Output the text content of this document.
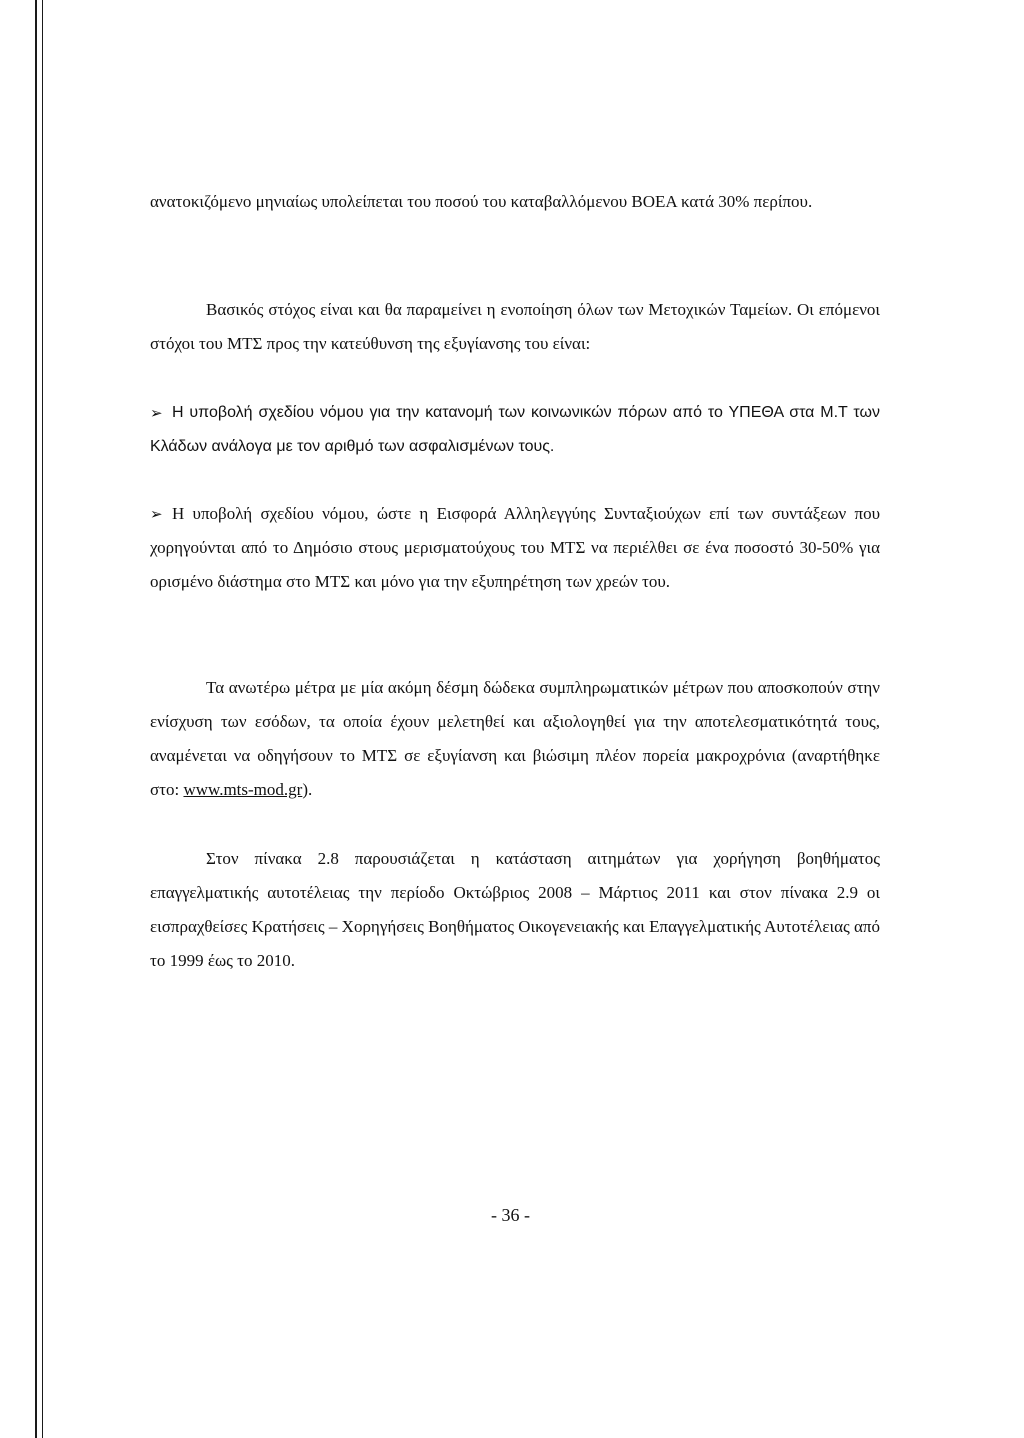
ανατοκιζόμενο μηνιαίως υπολείπεται του ποσού του καταβαλλόμενου ΒΟΕΑ κατά 30% περίπου.

Βασικός στόχος είναι και θα παραμείνει η ενοποίηση όλων των Μετοχικών Ταμείων. Οι επόμενοι στόχοι του ΜΤΣ προς την κατεύθυνση της εξυγίανσης του είναι:

➢ Η υποβολή σχεδίου νόμου για την κατανομή των κοινωνικών πόρων από το ΥΠΕΘΑ στα Μ.Τ των Κλάδων ανάλογα με τον αριθμό των ασφαλισμένων τους.

➢ Η υποβολή σχεδίου νόμου, ώστε η Εισφορά Αλληλεγγύης Συνταξιούχων επί των συντάξεων που χορηγούνται από το Δημόσιο στους μερισματούχους του ΜΤΣ να περιέλθει σε ένα ποσοστό 30-50% για ορισμένο διάστημα στο ΜΤΣ και μόνο για την εξυπηρέτηση των χρεών του.

Τα ανωτέρω μέτρα με μία ακόμη δέσμη δώδεκα συμπληρωματικών μέτρων που αποσκοπούν στην ενίσχυση των εσόδων, τα οποία έχουν μελετηθεί και αξιολογηθεί για την αποτελεσματικότητά τους, αναμένεται να οδηγήσουν το ΜΤΣ σε εξυγίανση και βιώσιμη πλέον πορεία μακροχρόνια (αναρτήθηκε στο: www.mts-mod.gr).

Στον πίνακα 2.8 παρουσιάζεται η κατάσταση αιτημάτων για χορήγηση βοηθήματος επαγγελματικής αυτοτέλειας την περίοδο Οκτώβριος 2008 – Μάρτιος 2011 και στον πίνακα 2.9 οι εισπραχθείσες Κρατήσεις – Χορηγήσεις Βοηθήματος Οικογενειακής και Επαγγελματικής Αυτοτέλειας από το 1999 έως το 2010.

- 36 -
